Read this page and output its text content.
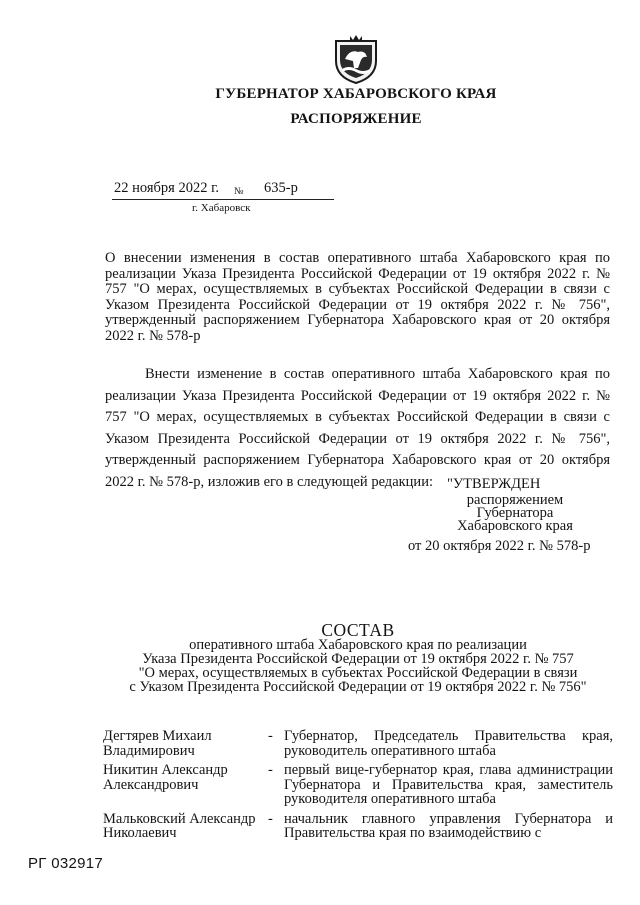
ГУБЕРНАТОР ХАБАРОВСКОГО КРАЯ
РАСПОРЯЖЕНИЕ
22 ноября 2022 г. № 635-р
г. Хабаровск
О внесении изменения в состав оперативного штаба Хабаровского края по реализации Указа Президента Российской Федерации от 19 октября 2022 г. № 757 "О мерах, осуществляемых в субъектах Российской Федерации в связи с Указом Президента Российской Федерации от 19 октября 2022 г. № 756", утвержденный распоряжением Губернатора Хабаровского края от 20 октября 2022 г. № 578-р
Внести изменение в состав оперативного штаба Хабаровского края по реализации Указа Президента Российской Федерации от 19 октября 2022 г. № 757 "О мерах, осуществляемых в субъектах Российской Федерации в связи с Указом Президента Российской Федерации от 19 октября 2022 г. № 756", утвержденный распоряжением Губернатора Хабаровского края от 20 октября 2022 г. № 578-р, изложив его в следующей редакции: "УТВЕРЖДЕН
распоряжением
Губернатора
Хабаровского края
от 20 октября 2022 г. № 578-р
СОСТАВ
оперативного штаба Хабаровского края по реализации
Указа Президента Российской Федерации от 19 октября 2022 г. № 757
"О мерах, осуществляемых в субъектах Российской Федерации в связи
с Указом Президента Российской Федерации от 19 октября 2022 г. № 756"
Дегтярев Михаил Владимирович
- Губернатор, Председатель Правительства края, руководитель оперативного штаба
Никитин Александр Александрович
- первый вице-губернатор края, глава администрации Губернатора и Правительства края, заместитель руководителя оперативного штаба
Мальковский Александр Николаевич
- начальник главного управления Губернатора и Правительства края по взаимодействию с
РГ 032917
